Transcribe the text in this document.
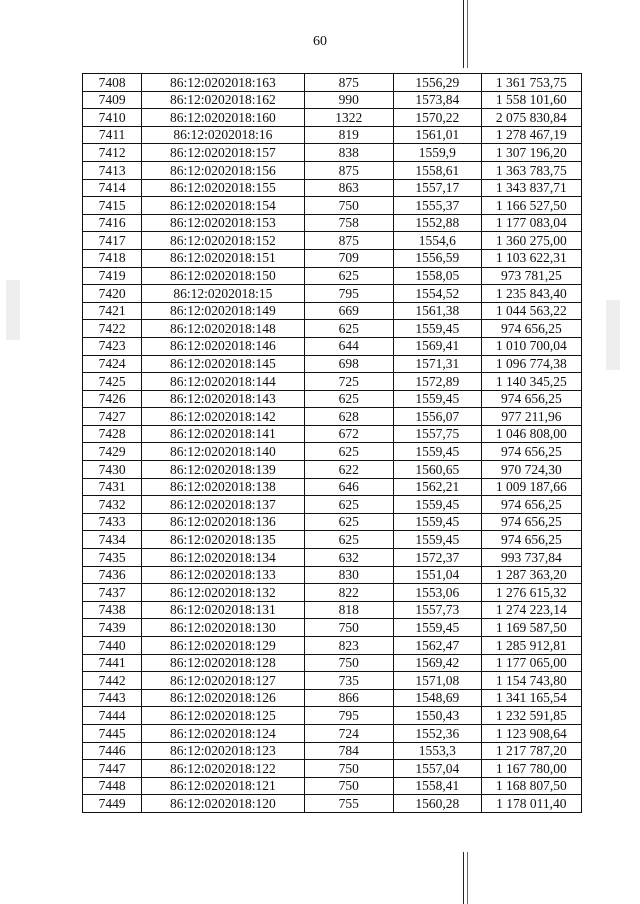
60
7408	86:12:0202018:163	875	1556,29	1 361 753,75
7409	86:12:0202018:162	990	1573,84	1 558 101,60
7410	86:12:0202018:160	1322	1570,22	2 075 830,84
7411	86:12:0202018:16	819	1561,01	1 278 467,19
7412	86:12:0202018:157	838	1559,9	1 307 196,20
7413	86:12:0202018:156	875	1558,61	1 363 783,75
7414	86:12:0202018:155	863	1557,17	1 343 837,71
7415	86:12:0202018:154	750	1555,37	1 166 527,50
7416	86:12:0202018:153	758	1552,88	1 177 083,04
7417	86:12:0202018:152	875	1554,6	1 360 275,00
7418	86:12:0202018:151	709	1556,59	1 103 622,31
7419	86:12:0202018:150	625	1558,05	973 781,25
7420	86:12:0202018:15	795	1554,52	1 235 843,40
7421	86:12:0202018:149	669	1561,38	1 044 563,22
7422	86:12:0202018:148	625	1559,45	974 656,25
7423	86:12:0202018:146	644	1569,41	1 010 700,04
7424	86:12:0202018:145	698	1571,31	1 096 774,38
7425	86:12:0202018:144	725	1572,89	1 140 345,25
7426	86:12:0202018:143	625	1559,45	974 656,25
7427	86:12:0202018:142	628	1556,07	977 211,96
7428	86:12:0202018:141	672	1557,75	1 046 808,00
7429	86:12:0202018:140	625	1559,45	974 656,25
7430	86:12:0202018:139	622	1560,65	970 724,30
7431	86:12:0202018:138	646	1562,21	1 009 187,66
7432	86:12:0202018:137	625	1559,45	974 656,25
7433	86:12:0202018:136	625	1559,45	974 656,25
7434	86:12:0202018:135	625	1559,45	974 656,25
7435	86:12:0202018:134	632	1572,37	993 737,84
7436	86:12:0202018:133	830	1551,04	1 287 363,20
7437	86:12:0202018:132	822	1553,06	1 276 615,32
7438	86:12:0202018:131	818	1557,73	1 274 223,14
7439	86:12:0202018:130	750	1559,45	1 169 587,50
7440	86:12:0202018:129	823	1562,47	1 285 912,81
7441	86:12:0202018:128	750	1569,42	1 177 065,00
7442	86:12:0202018:127	735	1571,08	1 154 743,80
7443	86:12:0202018:126	866	1548,69	1 341 165,54
7444	86:12:0202018:125	795	1550,43	1 232 591,85
7445	86:12:0202018:124	724	1552,36	1 123 908,64
7446	86:12:0202018:123	784	1553,3	1 217 787,20
7447	86:12:0202018:122	750	1557,04	1 167 780,00
7448	86:12:0202018:121	750	1558,41	1 168 807,50
7449	86:12:0202018:120	755	1560,28	1 178 011,40
